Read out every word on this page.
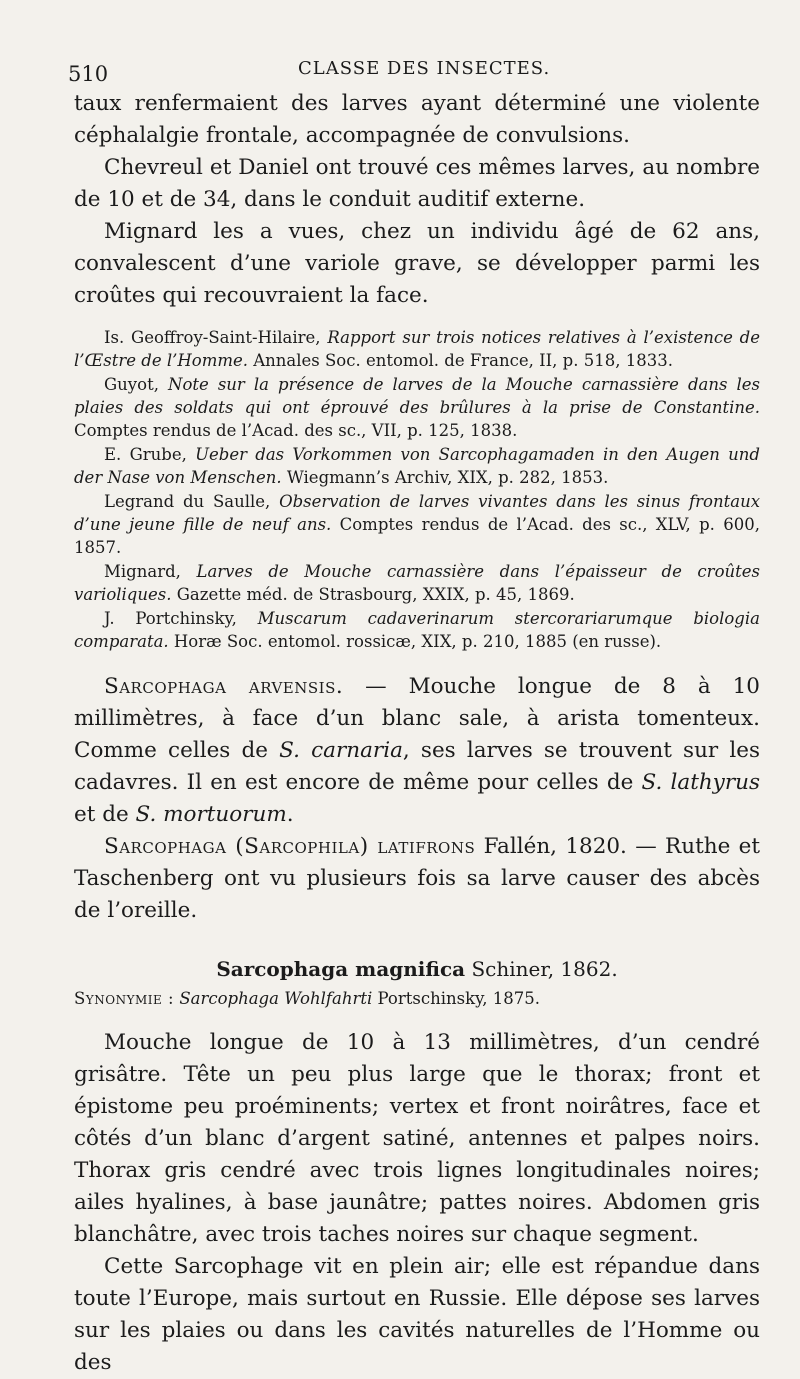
510	CLASSE DES INSECTES.

taux renfermaient des larves ayant déterminé une violente céphalalgie frontale, accompagnée de convulsions.

Chevreul et Daniel ont trouvé ces mêmes larves, au nombre de 10 et de 34, dans le conduit auditif externe.

Mignard les a vues, chez un individu âgé de 62 ans, convalescent d’une variole grave, se développer parmi les croûtes qui recouvraient la face.

Is. Geoffroy-Saint-Hilaire, Rapport sur trois notices relatives à l’existence de l’Œstre de l’Homme. Annales Soc. entomol. de France, II, p. 518, 1833.

Guyot, Note sur la présence de larves de la Mouche carnassière dans les plaies des soldats qui ont éprouvé des brûlures à la prise de Constantine. Comptes rendus de l’Acad. des sc., VII, p. 125, 1838.

E. Grube, Ueber das Vorkommen von Sarcophagamaden in den Augen und der Nase von Menschen. Wiegmann’s Archiv, XIX, p. 282, 1853.

Legrand du Saulle, Observation de larves vivantes dans les sinus frontaux d’une jeune fille de neuf ans. Comptes rendus de l’Acad. des sc., XLV, p. 600, 1857.

Mignard, Larves de Mouche carnassière dans l’épaisseur de croûtes varioliques. Gazette méd. de Strasbourg, XXIX, p. 45, 1869.

J. Portchinsky, Muscarum cadaverinarum stercorariarumque biologia comparata. Horæ Soc. entomol. rossicæ, XIX, p. 210, 1885 (en russe).

Sarcophaga arvensis. — Mouche longue de 8 à 10 millimètres, à face d’un blanc sale, à arista tomenteux. Comme celles de S. carnaria, ses larves se trouvent sur les cadavres. Il en est encore de même pour celles de S. lathyrus et de S. mortuorum.

Sarcophaga (Sarcophila) latifrons Fallén, 1820. — Ruthe et Taschenberg ont vu plusieurs fois sa larve causer des abcès de l’oreille.

Sarcophaga magnifica Schiner, 1862.
Synonymie : Sarcophaga Wohlfahrti Portschinsky, 1875.

Mouche longue de 10 à 13 millimètres, d’un cendré grisâtre. Tête un peu plus large que le thorax; front et épistome peu proéminents; vertex et front noirâtres, face et côtés d’un blanc d’argent satiné, antennes et palpes noirs. Thorax gris cendré avec trois lignes longitudinales noires; ailes hyalines, à base jaunâtre; pattes noires. Abdomen gris blanchâtre, avec trois taches noires sur chaque segment.

Cette Sarcophage vit en plein air; elle est répandue dans toute l’Europe, mais surtout en Russie. Elle dépose ses larves sur les plaies ou dans les cavités naturelles de l’Homme ou des
